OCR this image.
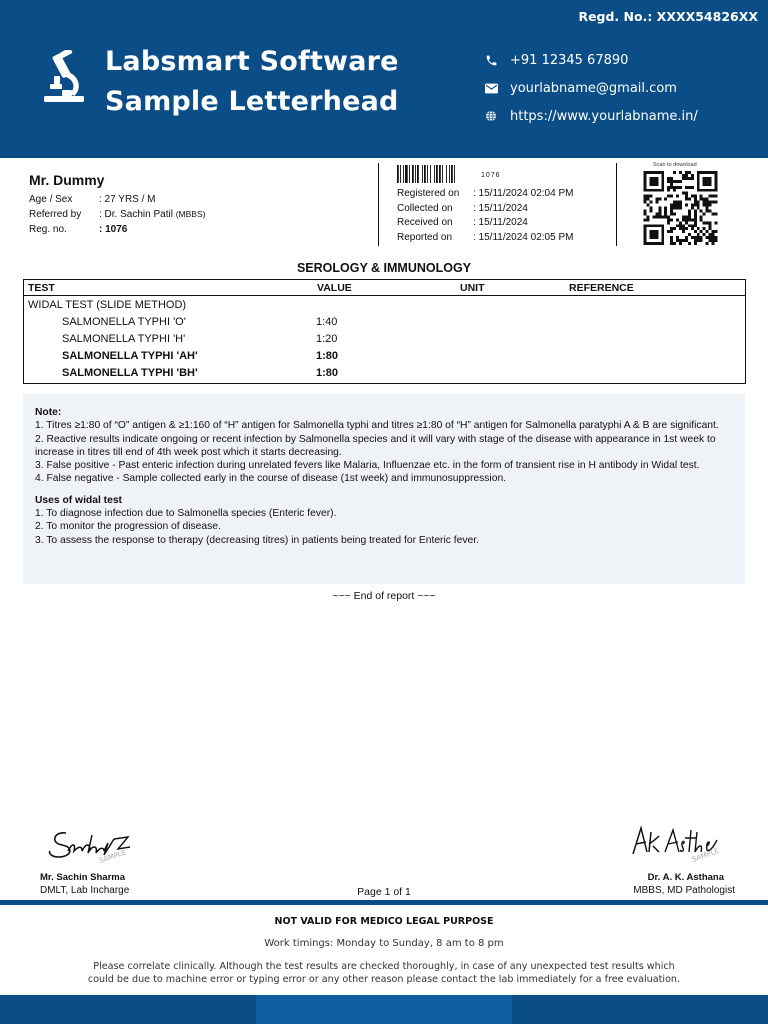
Regd. No.: XXXX54826XX
Labsmart Software
Sample Letterhead
+91 12345 67890
yourlabname@gmail.com
https://www.yourlabname.in/
Mr. Dummy
Age / Sex	: 27 YRS / M
Referred by	: Dr. Sachin Patil (MBBS)
Reg. no.	: 1076
1076
Registered on	: 15/11/2024 02:04 PM
Collected on	: 15/11/2024
Received on	: 15/11/2024
Reported on	: 15/11/2024 02:05 PM
Scan to download
SEROLOGY & IMMUNOLOGY
TEST	VALUE	UNIT	REFERENCE
WIDAL TEST (SLIDE METHOD)
SALMONELLA TYPHI 'O'	1:40
SALMONELLA TYPHI 'H'	1:20
SALMONELLA TYPHI 'AH'	1:80
SALMONELLA TYPHI 'BH'	1:80
Note:
1. Titres ≥1:80 of “O” antigen & ≥1:160 of “H” antigen for Salmonella typhi and titres ≥1:80 of “H” antigen for Salmonella paratyphi A & B are significant.
2. Reactive results indicate ongoing or recent infection by Salmonella species and it will vary with stage of the disease with appearance in 1st week to increase in titres till end of 4th week post which it starts decreasing.
3. False positive - Past enteric infection during unrelated fevers like Malaria, Influenzae etc. in the form of transient rise in H antibody in Widal test.
4. False negative - Sample collected early in the course of disease (1st week) and immunosuppression.
Uses of widal test
1. To diagnose infection due to Salmonella species (Enteric fever).
2. To monitor the progression of disease.
3. To assess the response to therapy (decreasing titres) in patients being treated for Enteric fever.
~~~ End of report ~~~
SAMPLE	SAMPLE
Mr. Sachin Sharma
DMLT, Lab Incharge	Page 1 of 1
Dr. A. K. Asthana
MBBS, MD Pathologist
NOT VALID FOR MEDICO LEGAL PURPOSE
Work timings: Monday to Sunday, 8 am to 8 pm
Please correlate clinically. Although the test results are checked thoroughly, in case of any unexpected test results which could be due to machine error or typing error or any other reason please contact the lab immediately for a free evaluation.
